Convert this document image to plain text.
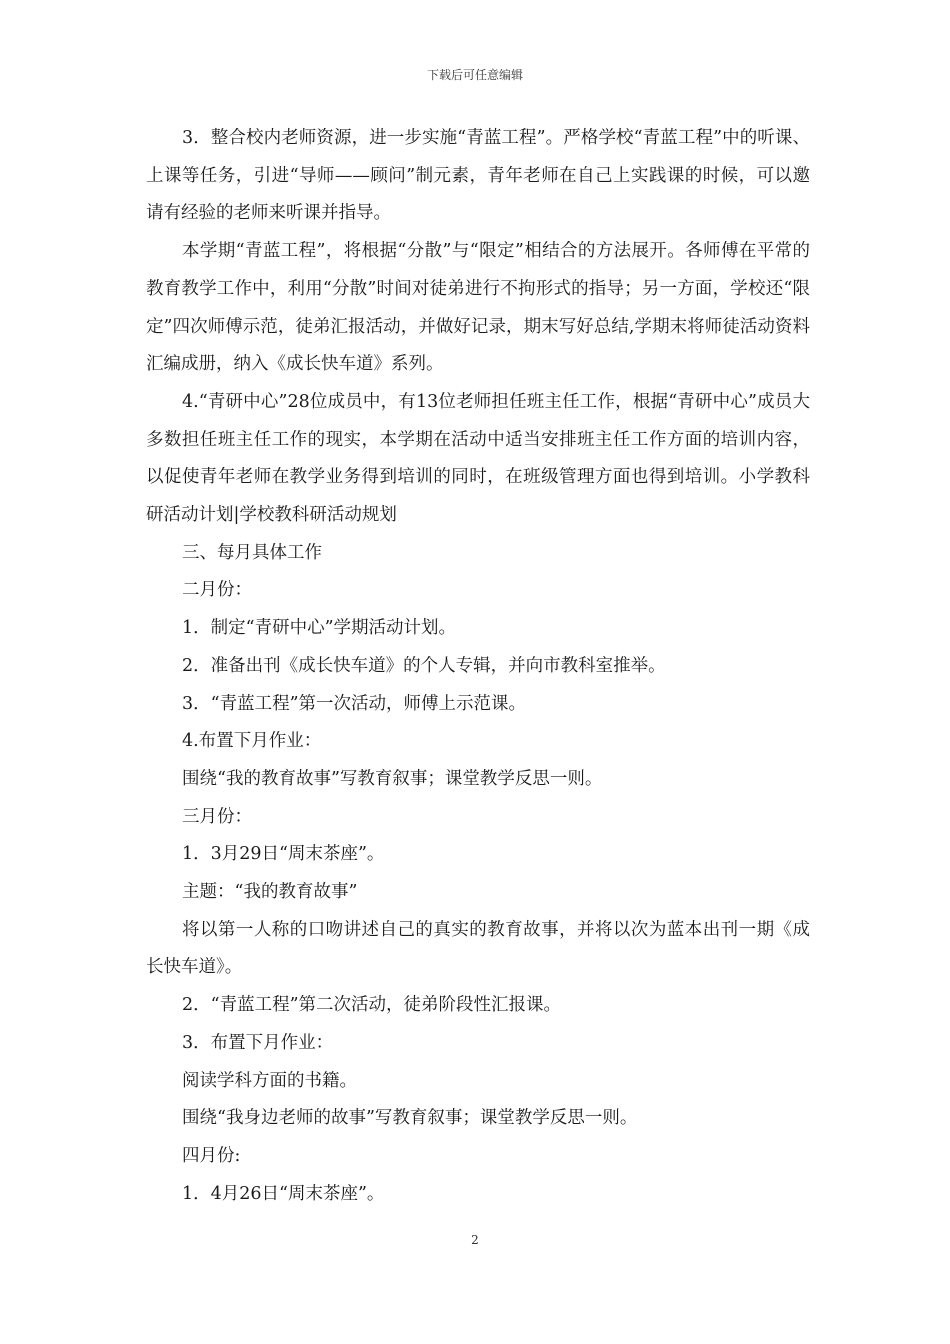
下载后可任意编辑

3．整合校内老师资源，进一步实施“青蓝工程”。严格学校“青蓝工程”中的听课、上课等任务，引进“导师——顾问”制元素，青年老师在自己上实践课的时候，可以邀请有经验的老师来听课并指导。

本学期“青蓝工程”，将根据“分散”与“限定”相结合的方法展开。各师傅在平常的教育教学工作中，利用“分散”时间对徒弟进行不拘形式的指导；另一方面，学校还“限定”四次师傅示范，徒弟汇报活动，并做好记录，期末写好总结,学期末将师徒活动资料汇编成册，纳入《成长快车道》系列。

4.“青研中心”28位成员中，有13位老师担任班主任工作，根据“青研中心”成员大多数担任班主任工作的现实，本学期在活动中适当安排班主任工作方面的培训内容，以促使青年老师在教学业务得到培训的同时，在班级管理方面也得到培训。小学教科研活动计划|学校教科研活动规划

三、每月具体工作

二月份：

1．制定“青研中心”学期活动计划。

2．准备出刊《成长快车道》的个人专辑，并向市教科室推举。

3．“青蓝工程”第一次活动，师傅上示范课。

4.布置下月作业：

围绕“我的教育故事”写教育叙事；课堂教学反思一则。

三月份：

1．3月29日“周末茶座”。

主题：“我的教育故事”

将以第一人称的口吻讲述自己的真实的教育故事，并将以次为蓝本出刊一期《成长快车道》。

2．“青蓝工程”第二次活动，徒弟阶段性汇报课。

3．布置下月作业：

阅读学科方面的书籍。

围绕“我身边老师的故事”写教育叙事；课堂教学反思一则。

四月份:

1．4月26日“周末茶座”。

2
